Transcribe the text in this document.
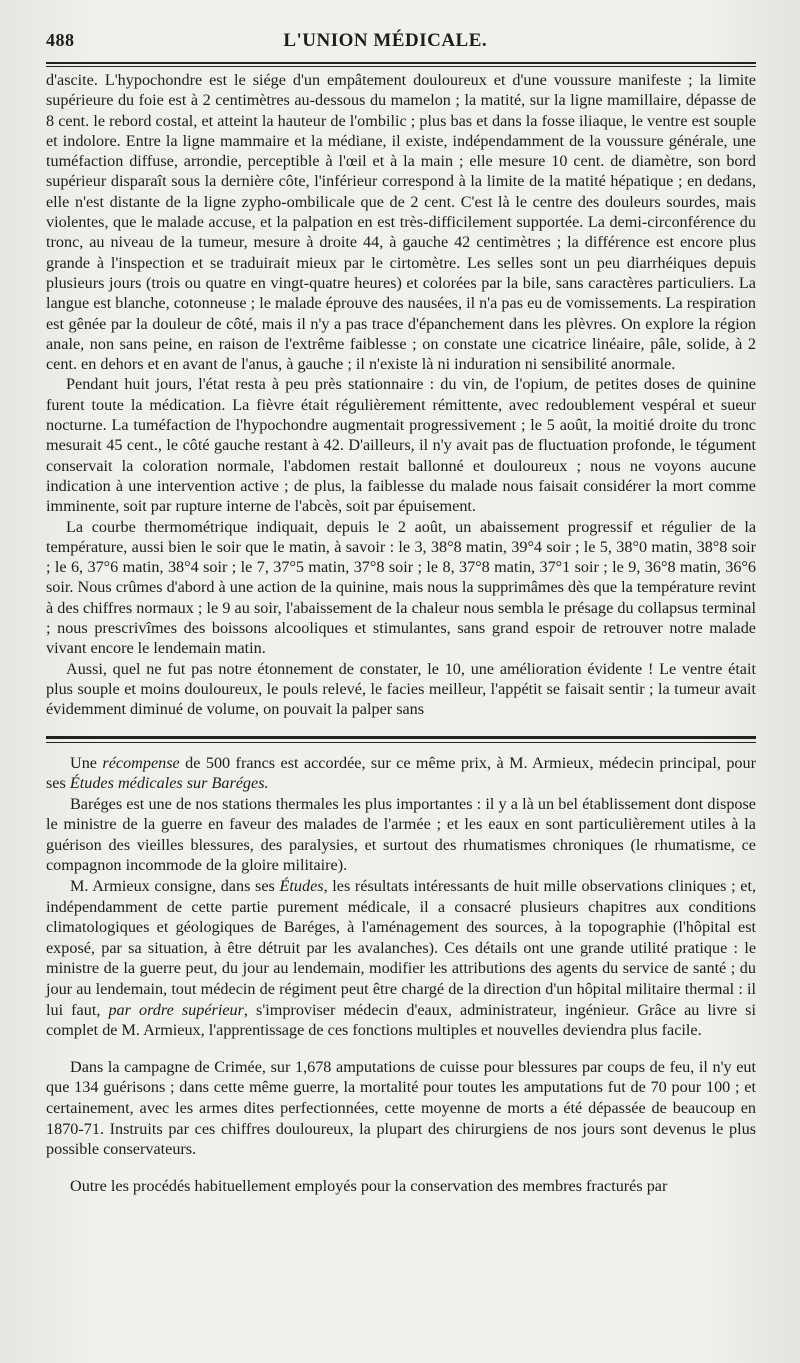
488	L'UNION MÉDICALE.

d'ascite. L'hypochondre est le siége d'un empâtement douloureux et d'une voussure manifeste ; la limite supérieure du foie est à 2 centimètres au-dessous du mamelon ; la matité, sur la ligne mamillaire, dépasse de 8 cent. le rebord costal, et atteint la hauteur de l'ombilic ; plus bas et dans la fosse iliaque, le ventre est souple et indolore. Entre la ligne mammaire et la médiane, il existe, indépendamment de la voussure générale, une tuméfaction diffuse, arrondie, perceptible à l'œil et à la main ; elle mesure 10 cent. de diamètre, son bord supérieur disparaît sous la dernière côte, l'inférieur correspond à la limite de la matité hépatique ; en dedans, elle n'est distante de la ligne zypho-ombilicale que de 2 cent. C'est là le centre des douleurs sourdes, mais violentes, que le malade accuse, et la palpation en est très-difficilement supportée. La demi-circonférence du tronc, au niveau de la tumeur, mesure à droite 44, à gauche 42 centimètres ; la différence est encore plus grande à l'inspection et se traduirait mieux par le cirtomètre. Les selles sont un peu diarrhéiques depuis plusieurs jours (trois ou quatre en vingt-quatre heures) et colorées par la bile, sans caractères particuliers. La langue est blanche, cotonneuse ; le malade éprouve des nausées, il n'a pas eu de vomissements. La respiration est gênée par la douleur de côté, mais il n'y a pas trace d'épanchement dans les plèvres. On explore la région anale, non sans peine, en raison de l'extrême faiblesse ; on constate une cicatrice linéaire, pâle, solide, à 2 cent. en dehors et en avant de l'anus, à gauche ; il n'existe là ni induration ni sensibilité anormale.

Pendant huit jours, l'état resta à peu près stationnaire : du vin, de l'opium, de petites doses de quinine furent toute la médication. La fièvre était régulièrement rémittente, avec redoublement vespéral et sueur nocturne. La tuméfaction de l'hypochondre augmentait progressivement ; le 5 août, la moitié droite du tronc mesurait 45 cent., le côté gauche restant à 42. D'ailleurs, il n'y avait pas de fluctuation profonde, le tégument conservait la coloration normale, l'abdomen restait ballonné et douloureux ; nous ne voyons aucune indication à une intervention active ; de plus, la faiblesse du malade nous faisait considérer la mort comme imminente, soit par rupture interne de l'abcès, soit par épuisement.

La courbe thermométrique indiquait, depuis le 2 août, un abaissement progressif et régulier de la température, aussi bien le soir que le matin, à savoir : le 3, 38°8 matin, 39°4 soir ; le 5, 38°0 matin, 38°8 soir ; le 6, 37°6 matin, 38°4 soir ; le 7, 37°5 matin, 37°8 soir ; le 8, 37°8 matin, 37°1 soir ; le 9, 36°8 matin, 36°6 soir. Nous crûmes d'abord à une action de la quinine, mais nous la supprimâmes dès que la température revint à des chiffres normaux ; le 9 au soir, l'abaissement de la chaleur nous sembla le présage du collapsus terminal ; nous prescrivîmes des boissons alcooliques et stimulantes, sans grand espoir de retrouver notre malade vivant encore le lendemain matin.

Aussi, quel ne fut pas notre étonnement de constater, le 10, une amélioration évidente ! Le ventre était plus souple et moins douloureux, le pouls relevé, le facies meilleur, l'appétit se faisait sentir ; la tumeur avait évidemment diminué de volume, on pouvait la palper sans

Une récompense de 500 francs est accordée, sur ce même prix, à M. Armieux, médecin principal, pour ses Études médicales sur Baréges.

Baréges est une de nos stations thermales les plus importantes : il y a là un bel établissement dont dispose le ministre de la guerre en faveur des malades de l'armée ; et les eaux en sont particulièrement utiles à la guérison des vieilles blessures, des paralysies, et surtout des rhumatismes chroniques (le rhumatisme, ce compagnon incommode de la gloire militaire).

M. Armieux consigne, dans ses Études, les résultats intéressants de huit mille observations cliniques ; et, indépendamment de cette partie purement médicale, il a consacré plusieurs chapitres aux conditions climatologiques et géologiques de Baréges, à l'aménagement des sources, à la topographie (l'hôpital est exposé, par sa situation, à être détruit par les avalanches). Ces détails ont une grande utilité pratique : le ministre de la guerre peut, du jour au lendemain, modifier les attributions des agents du service de santé ; du jour au lendemain, tout médecin de régiment peut être chargé de la direction d'un hôpital militaire thermal : il lui faut, par ordre supérieur, s'improviser médecin d'eaux, administrateur, ingénieur. Grâce au livre si complet de M. Armieux, l'apprentissage de ces fonctions multiples et nouvelles deviendra plus facile.

Dans la campagne de Crimée, sur 1,678 amputations de cuisse pour blessures par coups de feu, il n'y eut que 134 guérisons ; dans cette même guerre, la mortalité pour toutes les amputations fut de 70 pour 100 ; et certainement, avec les armes dites perfectionnées, cette moyenne de morts a été dépassée de beaucoup en 1870-71. Instruits par ces chiffres douloureux, la plupart des chirurgiens de nos jours sont devenus le plus possible conservateurs.

Outre les procédés habituellement employés pour la conservation des membres fracturés par
